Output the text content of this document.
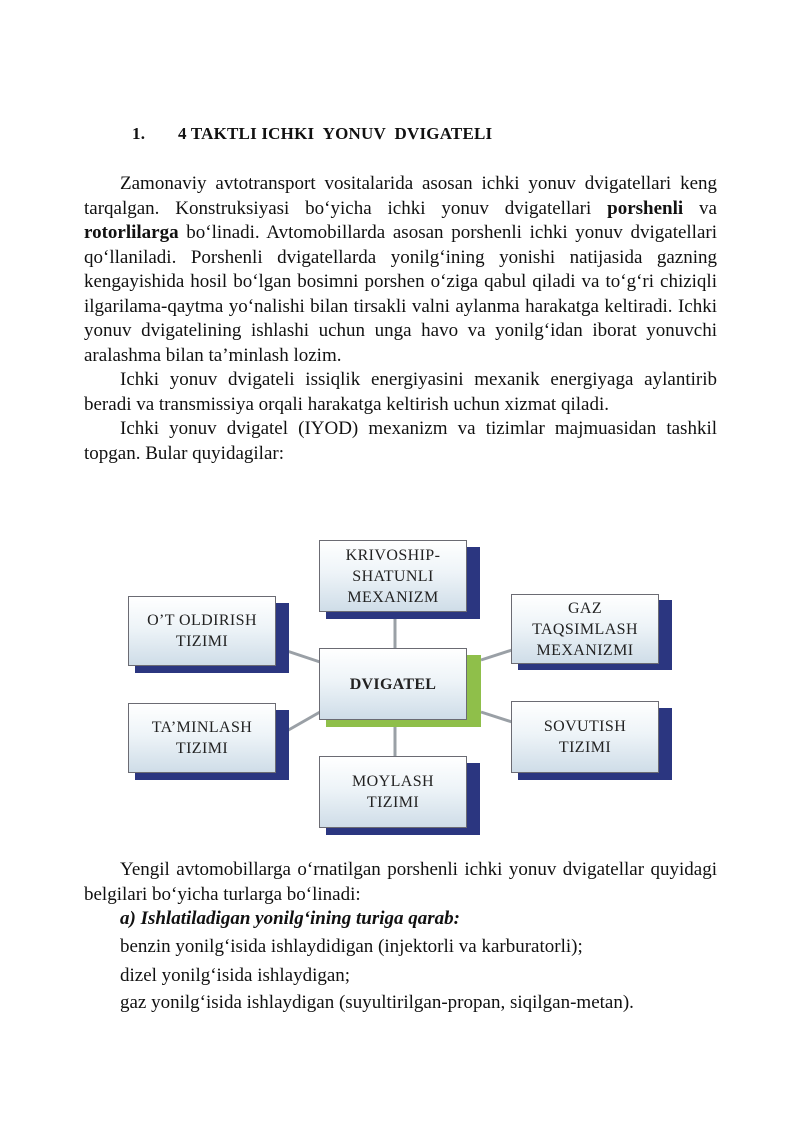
1. 4 TAKTLI ICHKI  YONUV  DVIGATELI

Zamonaviy avtotransport vositalarida asosan ichki yonuv dvigatellari keng tarqalgan. Konstruksiyasi bo‘yicha ichki yonuv dvigatellari porshenli va rotorlilarga bo‘linadi. Avtomobillarda asosan porshenli ichki yonuv dvigatellari qo‘llaniladi. Porshenli dvigatellarda yonilg‘ining yonishi natijasida gazning kengayishida hosil bo‘lgan bosimni porshen o‘ziga qabul qiladi va to‘g‘ri chiziqli ilgarilama-qaytma yo‘nalishi bilan tirsakli valni aylanma harakatga keltiradi. Ichki yonuv dvigatelining ishlashi uchun unga havo va yonilg‘idan iborat yonuvchi aralashma bilan ta’minlash lozim.

Ichki yonuv dvigateli issiqlik energiyasini mexanik energiyaga aylantirib beradi va transmissiya orqali harakatga keltirish uchun xizmat qiladi.

Ichki yonuv dvigatel (IYOD) mexanizm va tizimlar majmuasidan tashkil topgan. Bular quyidagilar:

KRIVOSHIP-
SHATUNLI
MEXANIZM
O’T OLDIRISH
TIZIMI
GAZ
TAQSIMLASH
MEXANIZMI
DVIGATEL
TA’MINLASH
TIZIMI
SOVUTISH
TIZIMI
MOYLASH
TIZIMI

Yengil avtomobillarga o‘rnatilgan porshenli ichki yonuv dvigatellar quyidagi belgilari bo‘yicha turlarga bo‘linadi:

a) Ishlatiladigan yonilg‘ining turiga qarab:

benzin yonilg‘isida ishlaydidigan (injektorli va karburatorli);

dizel yonilg‘isida ishlaydigan;

gaz yonilg‘isida ishlaydigan (suyultirilgan-propan, siqilgan-metan).
